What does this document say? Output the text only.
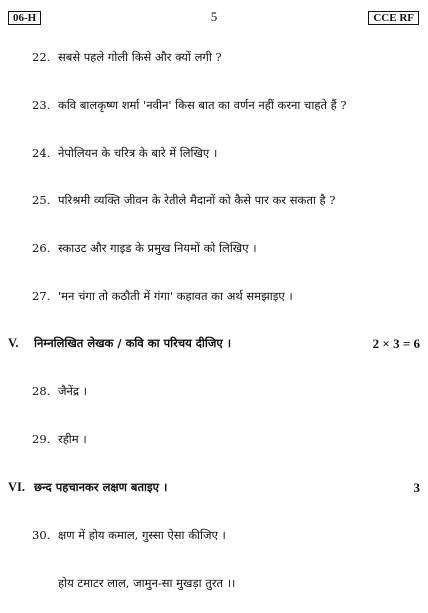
06-H	5	CCE RF
22. सबसे पहले गोली किसे और क्यों लगी ?
23. कवि बालकृष्ण शर्मा 'नवीन' किस बात का वर्णन नहीं करना चाहते हैं ?
24. नेपोलियन के चरित्र के बारे में लिखिए ।
25. परिश्रमी व्यक्ति जीवन के रेतीले मैदानों को कैसे पार कर सकता है ?
26. स्काउट और गाइड के प्रमुख नियमों को लिखिए ।
27. 'मन चंगा तो कठौती में गंगा' कहावत का अर्थ समझाइए ।
V. निम्नलिखित लेखक / कवि का परिचय दीजिए ।	2 × 3 = 6
28. जैनेंद्र ।
29. रहीम ।
VI. छन्द पहचानकर लक्षण बताइए ।	3
30. क्षण में होय कमाल, गुस्सा ऐसा कीजिए ।
होय टमाटर लाल, जामुन-सा मुखड़ा तुरत ।।
